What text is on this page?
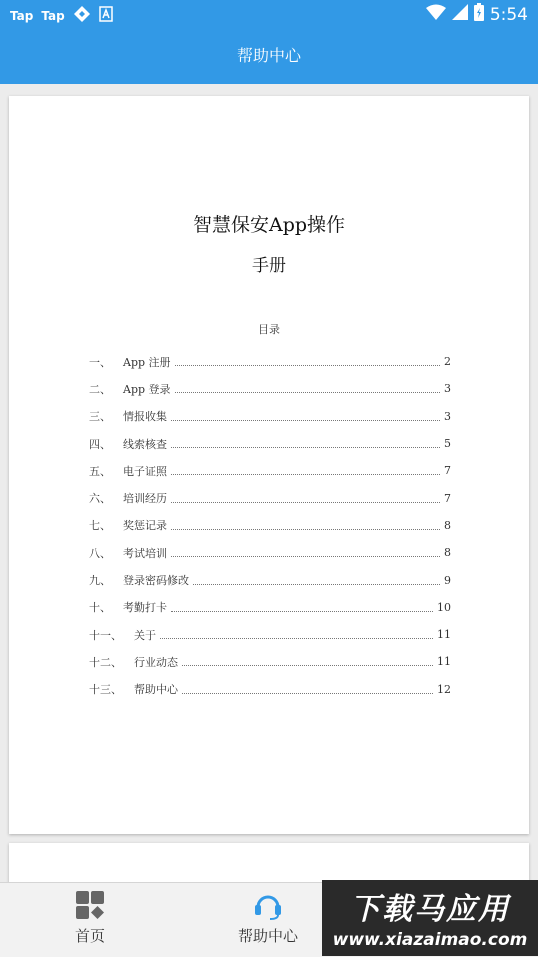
Tap Tap	5:54
帮助中心
智慧保安App操作
手册
目录
一、 App 注册	2
二、 App 登录	3
三、 情报收集	3
四、 线索核查	5
五、 电子证照	7
六、 培训经历	7
七、 奖惩记录	8
八、 考试培训	8
九、 登录密码修改	9
十、 考勤打卡	10
十一、 关于	11
十二、 行业动态	11
十三、 帮助中心	12
首页	帮助中心
下载马应用
www.xiazaimao.com
